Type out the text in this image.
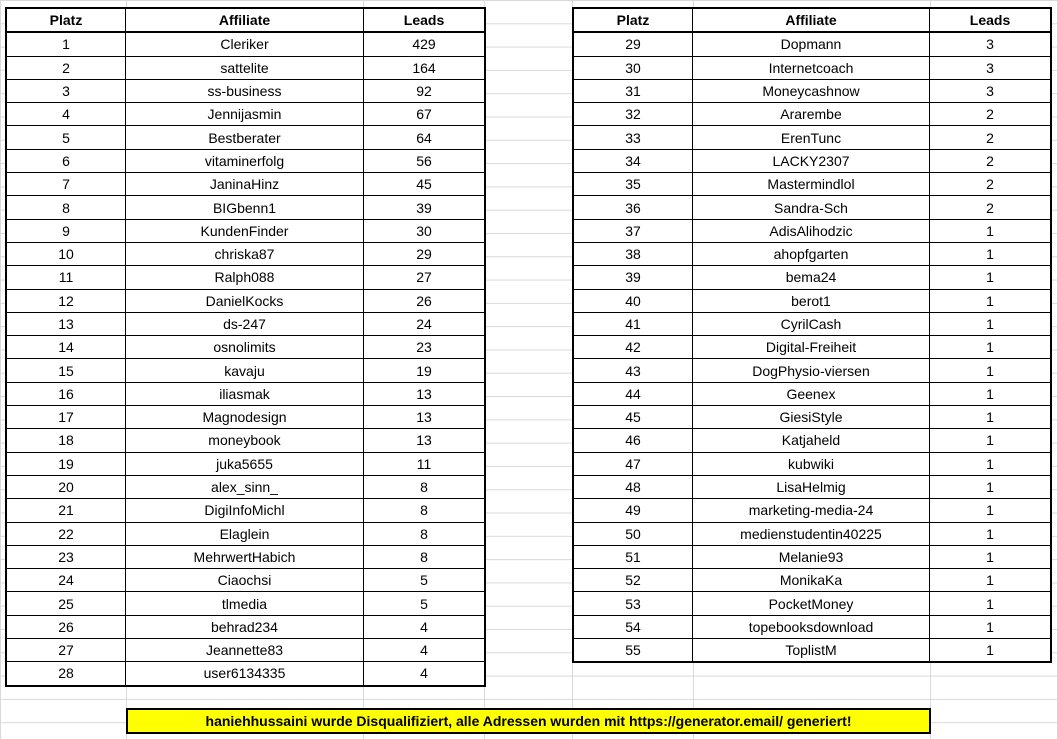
Platz	Affiliate	Leads
1	Cleriker	429
2	sattelite	164
3	ss-business	92
4	Jennijasmin	67
5	Bestberater	64
6	vitaminerfolg	56
7	JaninaHinz	45
8	BIGbenn1	39
9	KundenFinder	30
10	chriska87	29
11	Ralph088	27
12	DanielKocks	26
13	ds-247	24
14	osnolimits	23
15	kavaju	19
16	iliasmak	13
17	Magnodesign	13
18	moneybook	13
19	juka5655	11
20	alex_sinn_	8
21	DigiInfoMichl	8
22	Elaglein	8
23	MehrwertHabich	8
24	Ciaochsi	5
25	tlmedia	5
26	behrad234	4
27	Jeannette83	4
28	user6134335	4
Platz	Affiliate	Leads
29	Dopmann	3
30	Internetcoach	3
31	Moneycashnow	3
32	Ararembe	2
33	ErenTunc	2
34	LACKY2307	2
35	Mastermindlol	2
36	Sandra-Sch	2
37	AdisAlihodzic	1
38	ahopfgarten	1
39	bema24	1
40	berot1	1
41	CyrilCash	1
42	Digital-Freiheit	1
43	DogPhysio-viersen	1
44	Geenex	1
45	GiesiStyle	1
46	Katjaheld	1
47	kubwiki	1
48	LisaHelmig	1
49	marketing-media-24	1
50	medienstudentin40225	1
51	Melanie93	1
52	MonikaKa	1
53	PocketMoney	1
54	topebooksdownload	1
55	ToplistM	1
haniehhussaini wurde Disqualifiziert, alle Adressen wurden mit https://generator.email/ generiert!
